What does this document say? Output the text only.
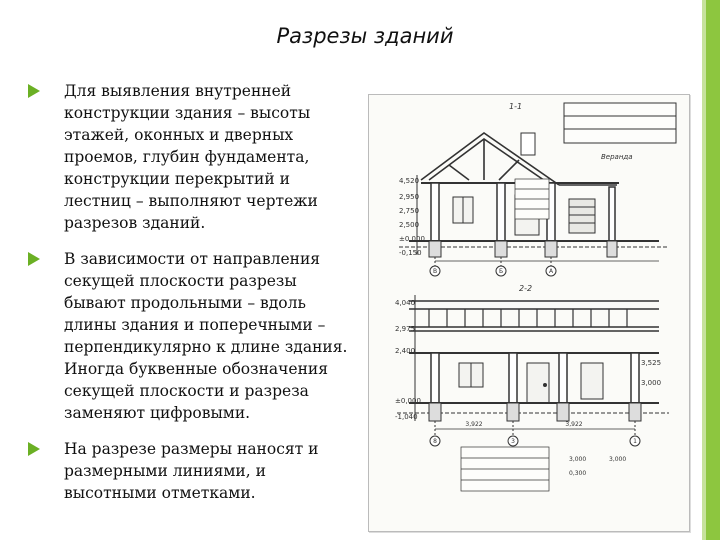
Разрезы зданий
Для выявления внутренней конструкции здания – высоты этажей, оконных и дверных проемов, глубин фундамента, конструкции перекрытий и лестниц – выполняют чертежи разрезов зданий.
В зависимости от направления секущей плоскости разрезы бывают продольными – вдоль длины здания и поперечными – перпендикулярно к длине здания. Иногда буквенные обозначения секущей плоскости и разреза заменяют цифровыми.
На разрезе размеры наносят и размерными линиями, и высотными отметками.
1-1
Веранда
4,520
2,950
2,750
2,500
±0,000
-0,150
В	Б	А
2-2
4,040
2,975
2,400
±0,000
-1,040
3,525
3,000
8	3	1
3,922	3,922
3,000	3,000
0,300
